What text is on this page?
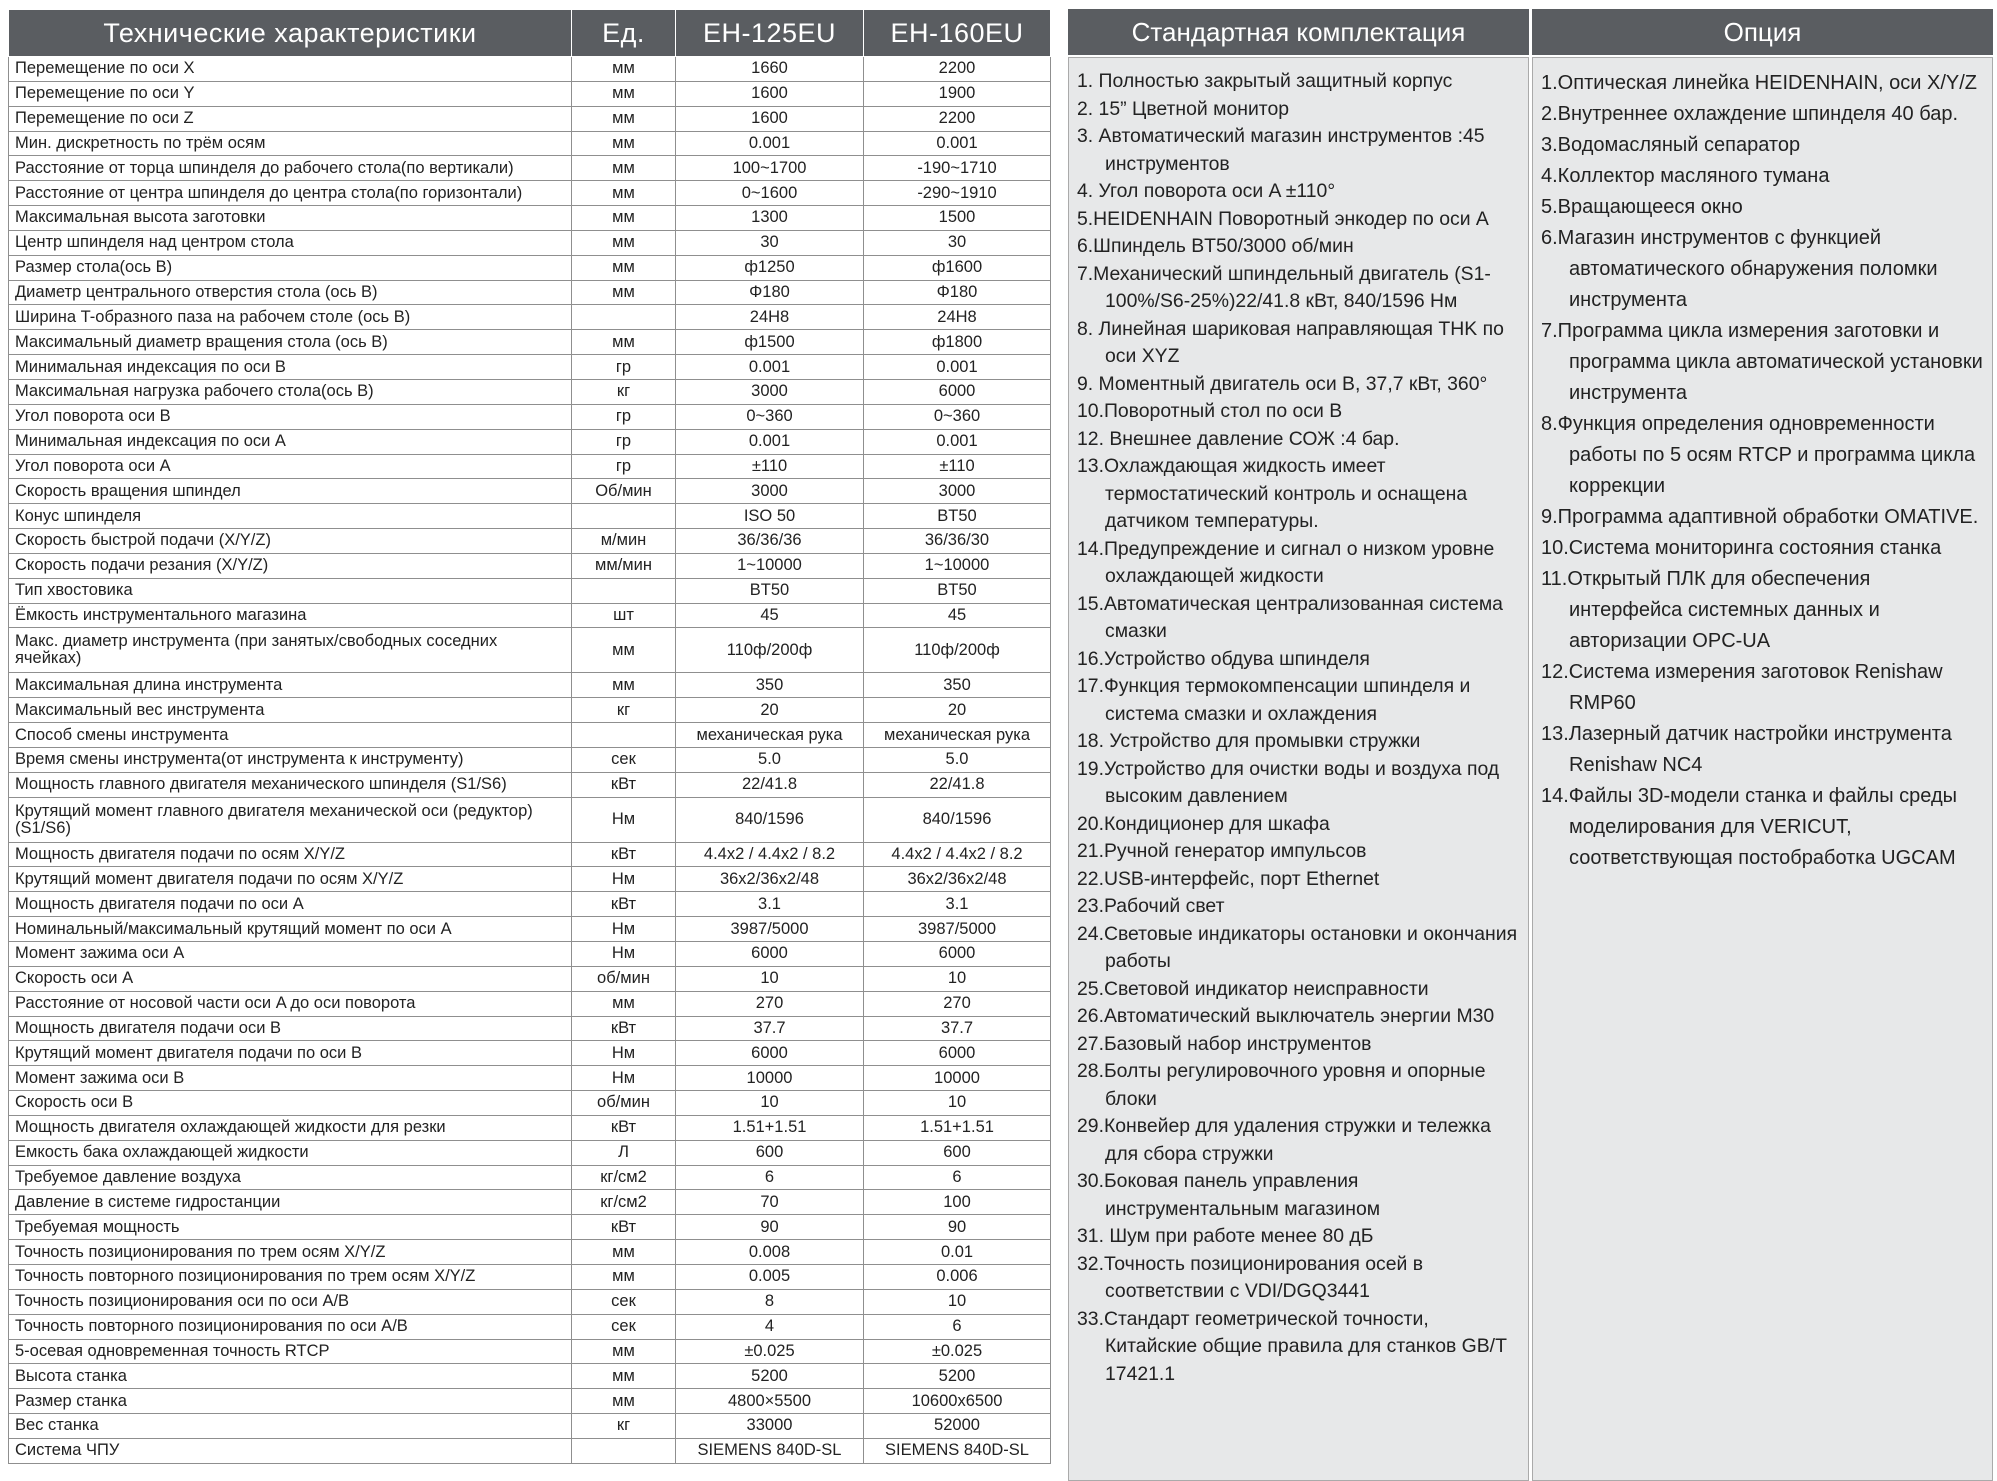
Технические характеристики	Ед.	EH-125EU	EH-160EU
Перемещение по оси X	мм	1660	2200
Перемещение по оси Y	мм	1600	1900
Перемещение по оси Z	мм	1600	2200
Мин. дискретность по трём осям	мм	0.001	0.001
Расстояние от торца шпинделя до рабочего стола(по вертикали)	мм	100~1700	-190~1710
Расстояние от центра шпинделя до центра стола(по горизонтали)	мм	0~1600	-290~1910
Максимальная высота заготовки	мм	1300	1500
Центр шпинделя над центром стола	мм	30	30
Размер стола(ось B)	мм	ф1250	ф1600
Диаметр центрального отверстия стола (ось B)	мм	Φ180	Φ180
Ширина T-образного паза на рабочем столе (ось B)		24H8	24H8
Максимальный диаметр вращения стола (ось B)	мм	ф1500	ф1800
Минимальная индексация по оси B	гр	0.001	0.001
Максимальная нагрузка рабочего стола(ось B)	кг	3000	6000
Угол поворота оси B	гр	0~360	0~360
Минимальная индексация по оси A	гр	0.001	0.001
Угол поворота оси A	гр	±110	±110
Скорость вращения шпиндел	Об/мин	3000	3000
Конус шпинделя		ISO 50	BT50
Скорость быстрой подачи (X/Y/Z)	м/мин	36/36/36	36/36/30
Скорость подачи резания (X/Y/Z)	мм/мин	1~10000	1~10000
Тип хвостовика		BT50	BT50
Ёмкость инструментального магазина	шт	45	45
Макс. диаметр инструмента (при занятых/свободных соседних ячейках)	мм	110ф/200ф	110ф/200ф
Максимальная длина инструмента	мм	350	350
Максимальный вес инструмента	кг	20	20
Способ смены инструмента		механическая рука	механическая рука
Время смены инструмента(от инструмента к инструменту)	сек	5.0	5.0
Мощность главного двигателя механического шпинделя (S1/S6)	кВт	22/41.8	22/41.8
Крутящий момент главного двигателя механической оси (редуктор) (S1/S6)	Нм	840/1596	840/1596
Мощность двигателя подачи по осям X/Y/Z	кВт	4.4x2 / 4.4x2 / 8.2	4.4x2 / 4.4x2 / 8.2
Крутящий момент двигателя подачи по осям X/Y/Z	Нм	36x2/36x2/48	36x2/36x2/48
Мощность двигателя подачи по оси A	кВт	3.1	3.1
Номинальный/максимальный крутящий момент по оси A	Нм	3987/5000	3987/5000
Момент зажима оси A	Нм	6000	6000
Скорость оси A	об/мин	10	10
Расстояние от носовой части оси A до оси поворота	мм	270	270
Мощность двигателя подачи оси B	кВт	37.7	37.7
Крутящий момент двигателя подачи по оси B	Нм	6000	6000
Момент зажима оси B	Нм	10000	10000
Скорость оси B	об/мин	10	10
Мощность двигателя охлаждающей жидкости для резки	кВт	1.51+1.51	1.51+1.51
Емкость бака охлаждающей жидкости	Л	600	600
Требуемое давление воздуха	кг/см2	6	6
Давление в системе гидростанции	кг/см2	70	100
Требуемая мощность	кВт	90	90
Точность позиционирования по трем осям X/Y/Z	мм	0.008	0.01
Точность повторного позиционирования по трем осям X/Y/Z	мм	0.005	0.006
Точность позиционирования оси по оси A/B	сек	8	10
Точность повторного позиционирования по оси A/B	сек	4	6
5-осевая одновременная точность RTCP	мм	±0.025	±0.025
Высота станка	мм	5200	5200
Размер станка	мм	4800×5500	10600x6500
Вес станка	кг	33000	52000
Система ЧПУ		SIEMENS 840D-SL	SIEMENS 840D-SL
Стандартная комплектация
1. Полностью закрытый защитный корпус
2. 15” Цветной монитор
3. Автоматический магазин инструментов :45 инструментов
4. Угол поворота оси A ±110°
5.HEIDENHAIN Поворотный энкодер по оси A
6.Шпиндель BT50/3000 об/мин
7.Механический шпиндельный двигатель (S1-100%/S6-25%)22/41.8 кВт, 840/1596 Нм
8. Линейная шариковая направляющая THK по оси XYZ
9. Моментный двигатель оси B, 37,7 кВт, 360°
10.Поворотный стол по оси B
12. Внешнее давление СОЖ :4 бар.
13.Охлаждающая жидкость имеет термостатический контроль и оснащена датчиком температуры.
14.Предупреждение и сигнал о низком уровне охлаждающей жидкости
15.Автоматическая централизованная система смазки
16.Устройство обдува шпинделя
17.Функция термокомпенсации шпинделя и система смазки и охлаждения
18. Устройство для промывки стружки
19.Устройство для очистки воды и воздуха под высоким давлением
20.Кондиционер для шкафа
21.Ручной генератор импульсов
22.USB-интерфейс, порт Ethernet
23.Рабочий свет
24.Световые индикаторы остановки и окончания работы
25.Световой индикатор неисправности
26.Автоматический выключатель энергии M30
27.Базовый набор инструментов
28.Болты регулировочного уровня и опорные блоки
29.Конвейер для удаления стружки и тележка для сбора стружки
30.Боковая панель управления инструментальным магазином
31. Шум при работе менее 80 дБ
32.Точность позиционирования осей в соответствии с VDI/DGQ3441
33.Стандарт геометрической точности, Китайские общие правила для станков GB/T 17421.1
Опция
1.Оптическая линейка HEIDENHAIN, оси X/Y/Z
2.Внутреннее охлаждение шпинделя 40 бар.
3.Водомасляный сепаратор
4.Коллектор масляного тумана
5.Вращающееся окно
6.Магазин инструментов с функцией автоматического обнаружения поломки инструмента
7.Программа цикла измерения заготовки и программа цикла автоматической установки инструмента
8.Функция определения одновременности работы по 5 осям RTCP и программа цикла коррекции
9.Программа адаптивной обработки OMATIVE.
10.Система мониторинга состояния станка
11.Открытый ПЛК для обеспечения интерфейса системных данных и авторизации OPC-UA
12.Система измерения заготовок Renishaw RMP60
13.Лазерный датчик настройки инструмента Renishaw NC4
14.Файлы 3D-модели станка и файлы среды моделирования для VERICUT, соответствующая постобработка UGCAM
